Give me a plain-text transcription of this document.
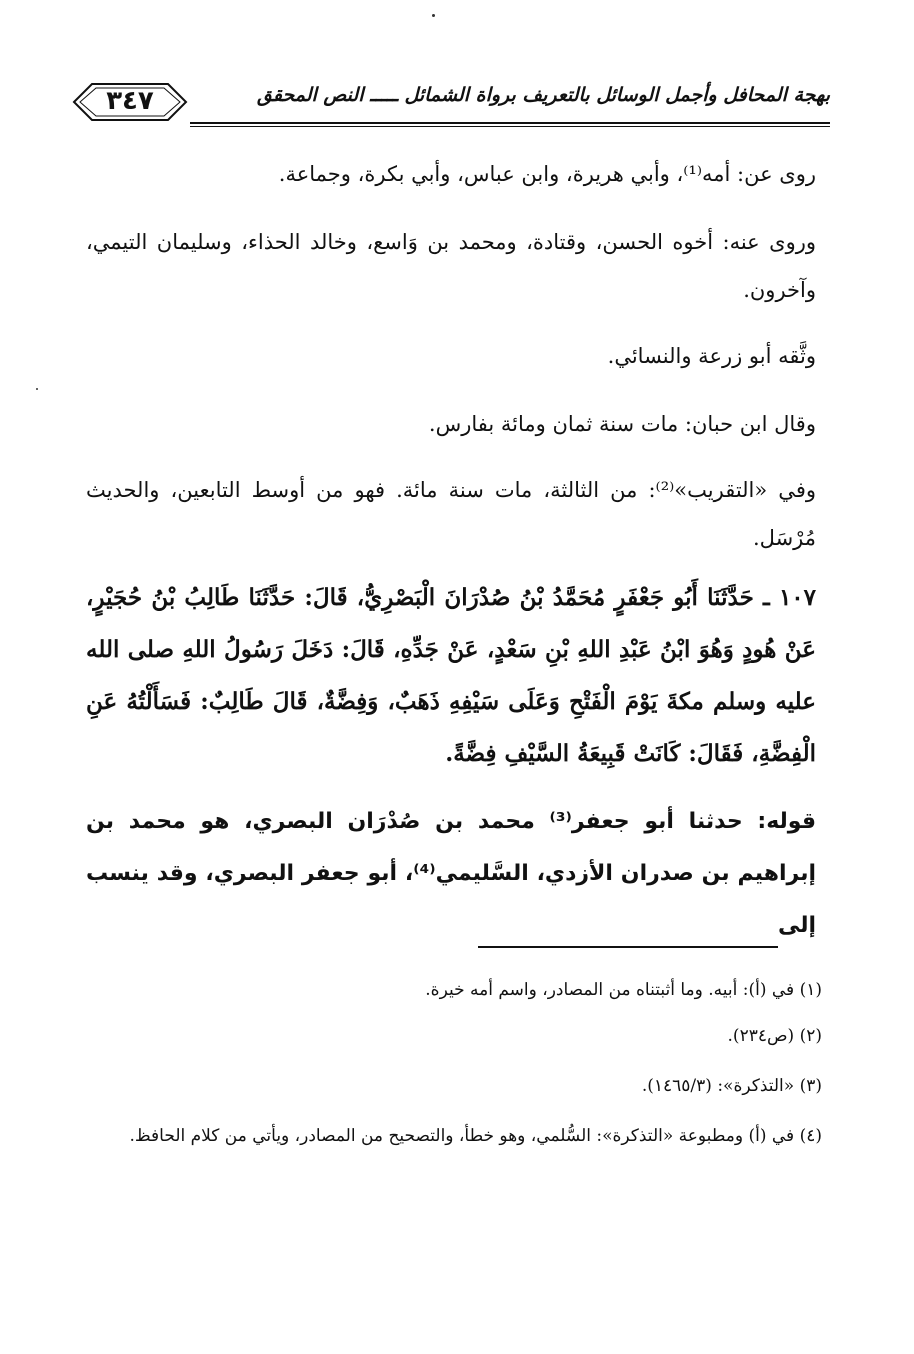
٣٤٧	بهجة المحافل وأجمل الوسائل بالتعريف برواة الشمائل ـــــ النص المحقق

روى عن: أمه⁽¹⁾، وأبي هريرة، وابن عباس، وأبي بكرة، وجماعة.

وروى عنه: أخوه الحسن، وقتادة، ومحمد بن وَاسع، وخالد الحذاء، وسليمان التيمي، وآخرون.

وثَّقه أبو زرعة والنسائي.

وقال ابن حبان: مات سنة ثمان ومائة بفارس.

وفي «التقريب»⁽²⁾: من الثالثة، مات سنة مائة. فهو من أوسط التابعين، والحديث مُرْسَل.

١٠٧ ـ حَدَّثَنَا أَبُو جَعْفَرٍ مُحَمَّدُ بْنُ صُدْرَانَ الْبَصْرِيُّ، قَالَ: حَدَّثَنَا طَالِبُ بْنُ حُجَيْرٍ، عَنْ هُودٍ وَهُوَ ابْنُ عَبْدِ اللهِ بْنِ سَعْدٍ، عَنْ جَدِّهِ، قَالَ: دَخَلَ رَسُولُ اللهِ صلى الله عليه وسلم مكةَ يَوْمَ الْفَتْحِ وَعَلَى سَيْفِهِ ذَهَبٌ، وَفِضَّةٌ، قَالَ طَالِبٌ: فَسَأَلْتُهُ عَنِ الْفِضَّةِ، فَقَالَ: كَانَتْ قَبِيعَةُ السَّيْفِ فِضَّةً.

قوله: حدثنا أبو جعفر⁽³⁾ محمد بن صُدْرَان البصري، هو محمد بن إبراهيم بن صدران الأزدي، السَّليمي⁽⁴⁾، أبو جعفر البصري، وقد ينسب إلى

(١) في (أ): أبيه. وما أثبتناه من المصادر، واسم أمه خيرة.

(٢) (ص٢٣٤).

(٣) «التذكرة»: (١٤٦٥/٣).

(٤) في (أ) ومطبوعة «التذكرة»: السُّلمي، وهو خطأ، والتصحيح من المصادر، ويأتي من كلام الحافظ.
